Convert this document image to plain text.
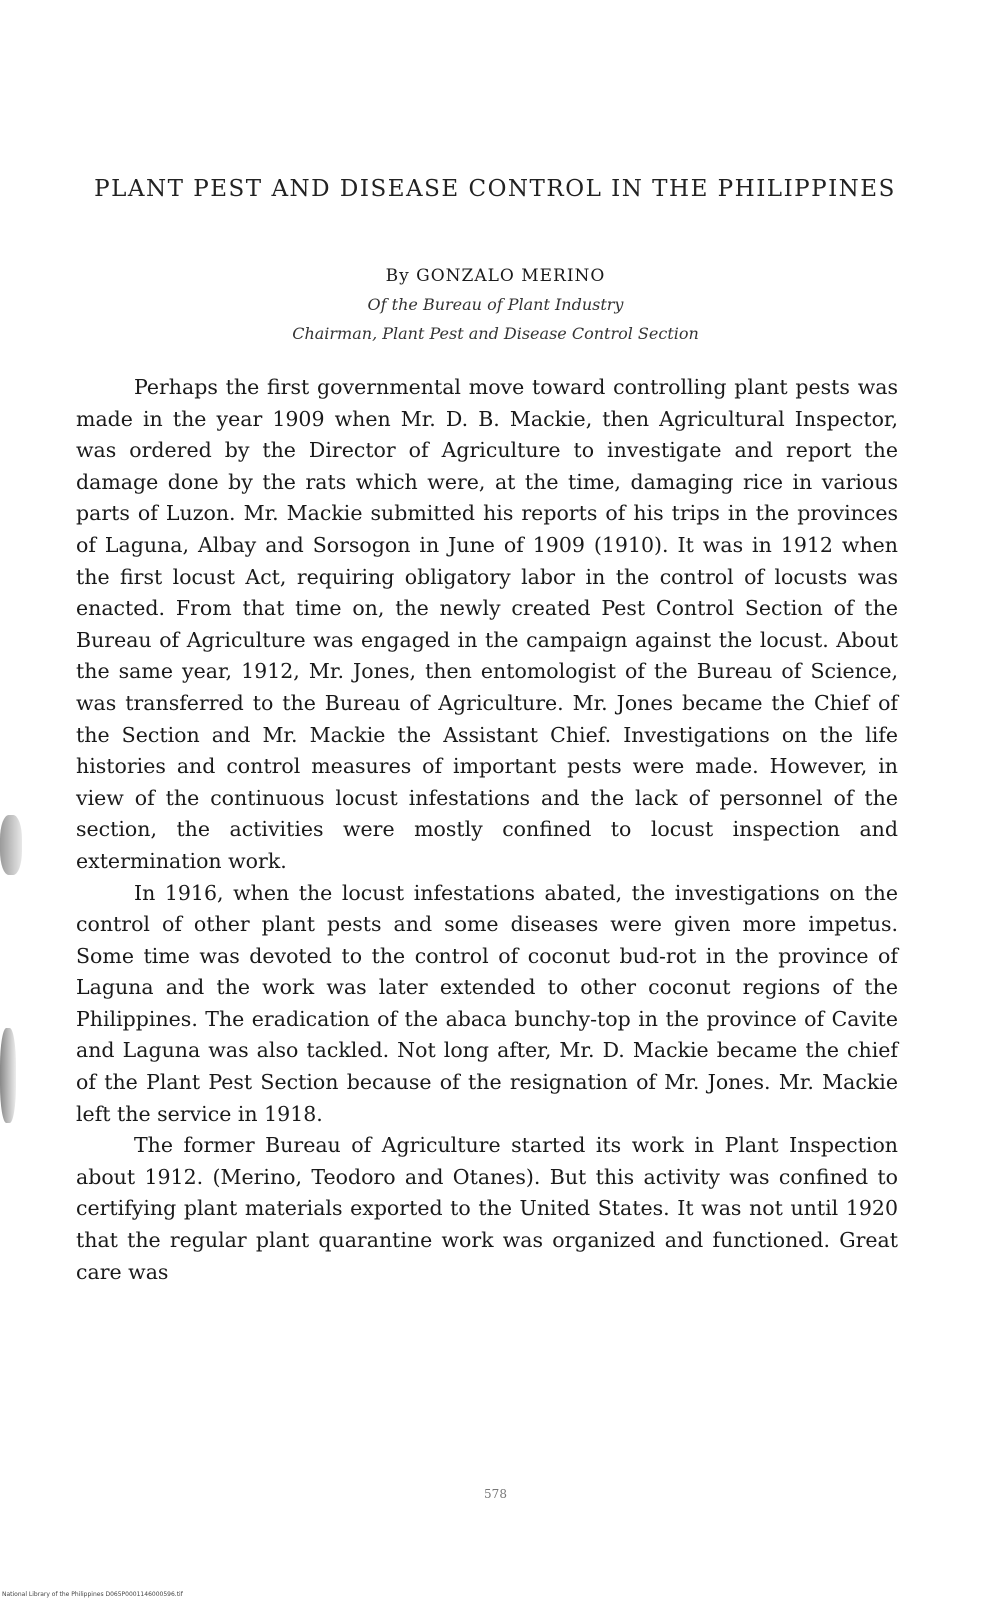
PLANT PEST AND DISEASE CONTROL IN THE PHILIPPINES
By GONZALO MERINO
Of the Bureau of Plant Industry
Chairman, Plant Pest and Disease Control Section

Perhaps the first governmental move toward controlling plant pests was made in the year 1909 when Mr. D. B. Mackie, then Agricultural Inspector, was ordered by the Director of Agriculture to investigate and report the damage done by the rats which were, at the time, damaging rice in various parts of Luzon. Mr. Mackie submitted his reports of his trips in the provinces of Laguna, Albay and Sorsogon in June of 1909 (1910). It was in 1912 when the first locust Act, requiring obligatory labor in the control of locusts was enacted. From that time on, the newly created Pest Control Section of the Bureau of Agriculture was engaged in the campaign against the locust. About the same year, 1912, Mr. Jones, then entomologist of the Bureau of Science, was transferred to the Bureau of Agriculture. Mr. Jones became the Chief of the Section and Mr. Mackie the Assistant Chief. Investigations on the life histories and control measures of important pests were made. However, in view of the continuous locust infestations and the lack of personnel of the section, the activities were mostly confined to locust inspection and extermination work.

In 1916, when the locust infestations abated, the investigations on the control of other plant pests and some diseases were given more impetus. Some time was devoted to the control of coconut bud-rot in the province of Laguna and the work was later extended to other coconut regions of the Philippines. The eradication of the abaca bunchy-top in the province of Cavite and Laguna was also tackled. Not long after, Mr. D. Mackie became the chief of the Plant Pest Section because of the resignation of Mr. Jones. Mr. Mackie left the service in 1918.

The former Bureau of Agriculture started its work in Plant Inspection about 1912. (Merino, Teodoro and Otanes). But this activity was confined to certifying plant materials exported to the United States. It was not until 1920 that the regular plant quarantine work was organized and functioned. Great care was

578
National Library of the Philippines D065P0001146000596.tif
